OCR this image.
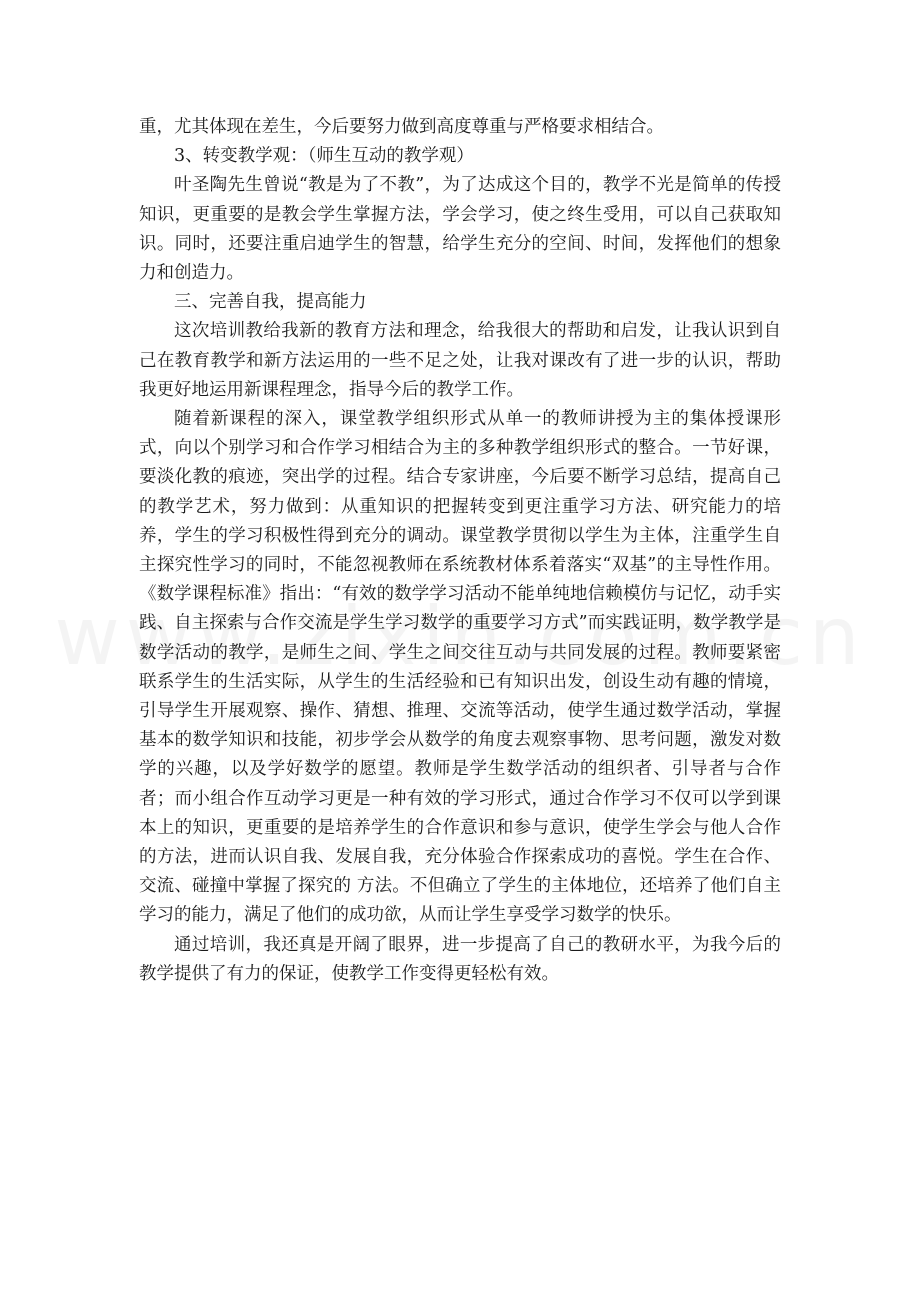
重，尤其体现在差生，今后要努力做到高度尊重与严格要求相结合。

3、转变教学观：（师生互动的教学观）

叶圣陶先生曾说“教是为了不教”，为了达成这个目的，教学不光是简单的传授知识，更重要的是教会学生掌握方法，学会学习，使之终生受用，可以自己获取知识。同时，还要注重启迪学生的智慧，给学生充分的空间、时间，发挥他们的想象力和创造力。

三、完善自我，提高能力

这次培训教给我新的教育方法和理念，给我很大的帮助和启发，让我认识到自己在教育教学和新方法运用的一些不足之处，让我对课改有了进一步的认识，帮助我更好地运用新课程理念，指导今后的教学工作。

随着新课程的深入，课堂教学组织形式从单一的教师讲授为主的集体授课形式，向以个别学习和合作学习相结合为主的多种教学组织形式的整合。一节好课，要淡化教的痕迹，突出学的过程。结合专家讲座，今后要不断学习总结，提高自己的教学艺术，努力做到：从重知识的把握转变到更注重学习方法、研究能力的培养，学生的学习积极性得到充分的调动。课堂教学贯彻以学生为主体，注重学生自主探究性学习的同时，不能忽视教师在系统教材体系着落实“双基”的主导性作用。《数学课程标准》指出：“有效的数学学习活动不能单纯地信赖模仿与记忆，动手实践、自主探索与合作交流是学生学习数学的重要学习方式”而实践证明，数学教学是数学活动的教学，是师生之间、学生之间交往互动与共同发展的过程。教师要紧密联系学生的生活实际，从学生的生活经验和已有知识出发，创设生动有趣的情境，引导学生开展观察、操作、猜想、推理、交流等活动，使学生通过数学活动，掌握基本的数学知识和技能，初步学会从数学的角度去观察事物、思考问题，激发对数学的兴趣，以及学好数学的愿望。教师是学生数学活动的组织者、引导者与合作者；而小组合作互动学习更是一种有效的学习形式，通过合作学习不仅可以学到课本上的知识，更重要的是培养学生的合作意识和参与意识，使学生学会与他人合作的方法，进而认识自我、发展自我，充分体验合作探索成功的喜悦。学生在合作、交流、碰撞中掌握了探究的 方法。不但确立了学生的主体地位，还培养了他们自主学习的能力，满足了他们的成功欲，从而让学生享受学习数学的快乐。

通过培训，我还真是开阔了眼界，进一步提高了自己的教研水平，为我今后的教学提供了有力的保证，使教学工作变得更轻松有效。
